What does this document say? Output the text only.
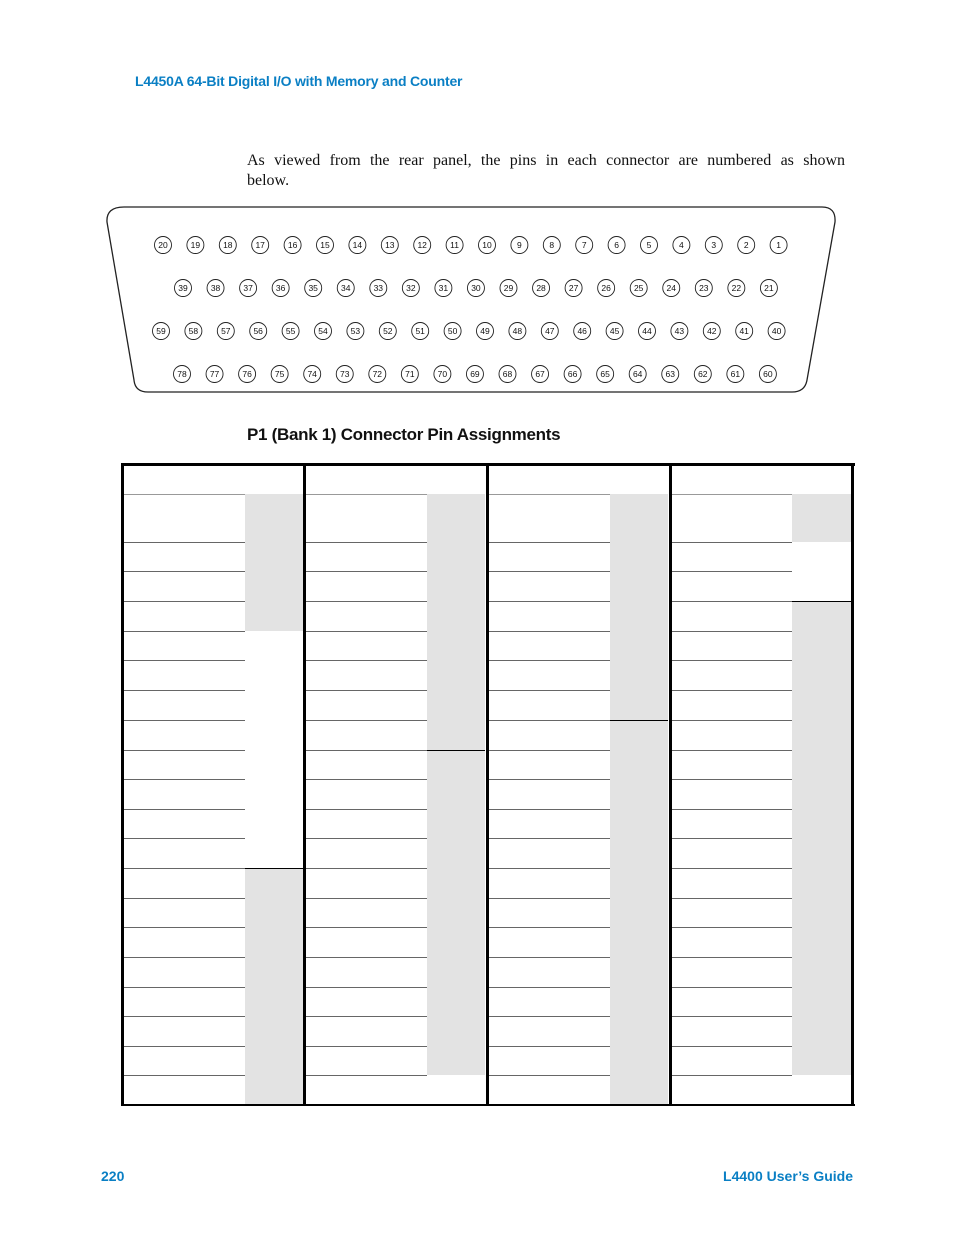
L4450A 64-Bit Digital I/O with Memory and Counter
As viewed from the rear panel, the pins in each connector are numbered as shown below.
20	19	18	17	16	15	14	13	12	11	10	9	8	7	6	5	4	3	2	1
39	38	37	36	35	34	33	32	31	30	29	28	27	26	25	24	23	22	21
59	58	57	56	55	54	53	52	51	50	49	48	47	46	45	44	43	42	41	40
78	77	76	75	74	73	72	71	70	69	68	67	66	65	64	63	62	61	60
P1 (Bank 1) Connector Pin Assignments
220	L4400 User’s Guide
